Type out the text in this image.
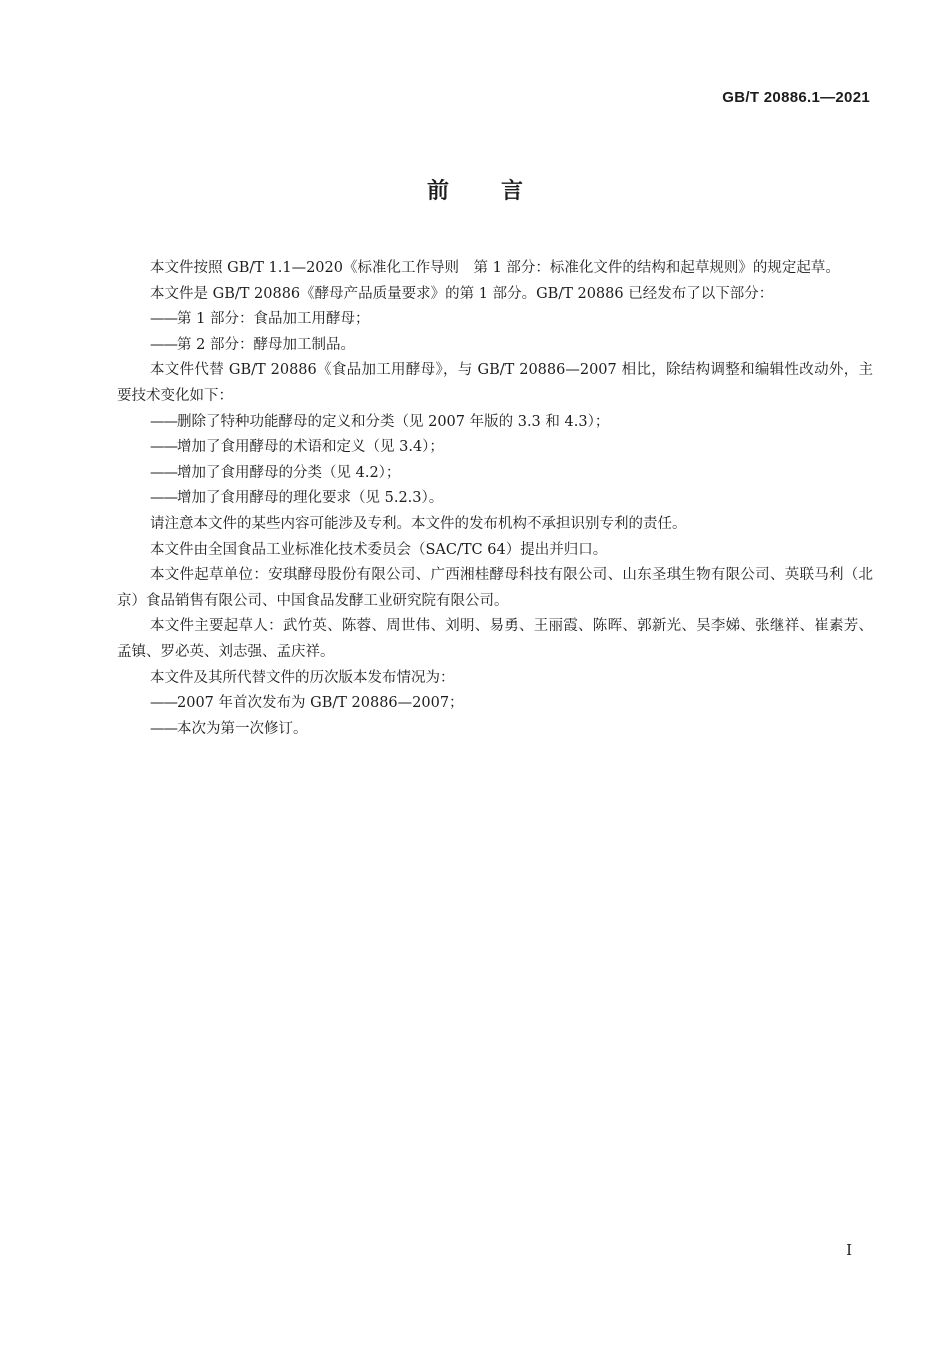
GB/T 20886.1—2021
前言

本文件按照 GB/T 1.1—2020《标准化工作导则　第 1 部分：标准化文件的结构和起草规则》的规定起草。

本文件是 GB/T 20886《酵母产品质量要求》的第 1 部分。GB/T 20886 已经发布了以下部分：

——第 1 部分：食品加工用酵母；

——第 2 部分：酵母加工制品。

本文件代替 GB/T 20886《食品加工用酵母》，与 GB/T 20886—2007 相比，除结构调整和编辑性改动外，主要技术变化如下：

——删除了特种功能酵母的定义和分类（见 2007 年版的 3.3 和 4.3）；

——增加了食用酵母的术语和定义（见 3.4）；

——增加了食用酵母的分类（见 4.2）；

——增加了食用酵母的理化要求（见 5.2.3）。

请注意本文件的某些内容可能涉及专利。本文件的发布机构不承担识别专利的责任。

本文件由全国食品工业标准化技术委员会（SAC/TC 64）提出并归口。

本文件起草单位：安琪酵母股份有限公司、广西湘桂酵母科技有限公司、山东圣琪生物有限公司、英联马利（北京）食品销售有限公司、中国食品发酵工业研究院有限公司。

本文件主要起草人：武竹英、陈蓉、周世伟、刘明、易勇、王丽霞、陈晖、郭新光、吴李娣、张继祥、崔素芳、孟镇、罗必英、刘志强、孟庆祥。

本文件及其所代替文件的历次版本发布情况为：

——2007 年首次发布为 GB/T 20886—2007；

——本次为第一次修订。

I
